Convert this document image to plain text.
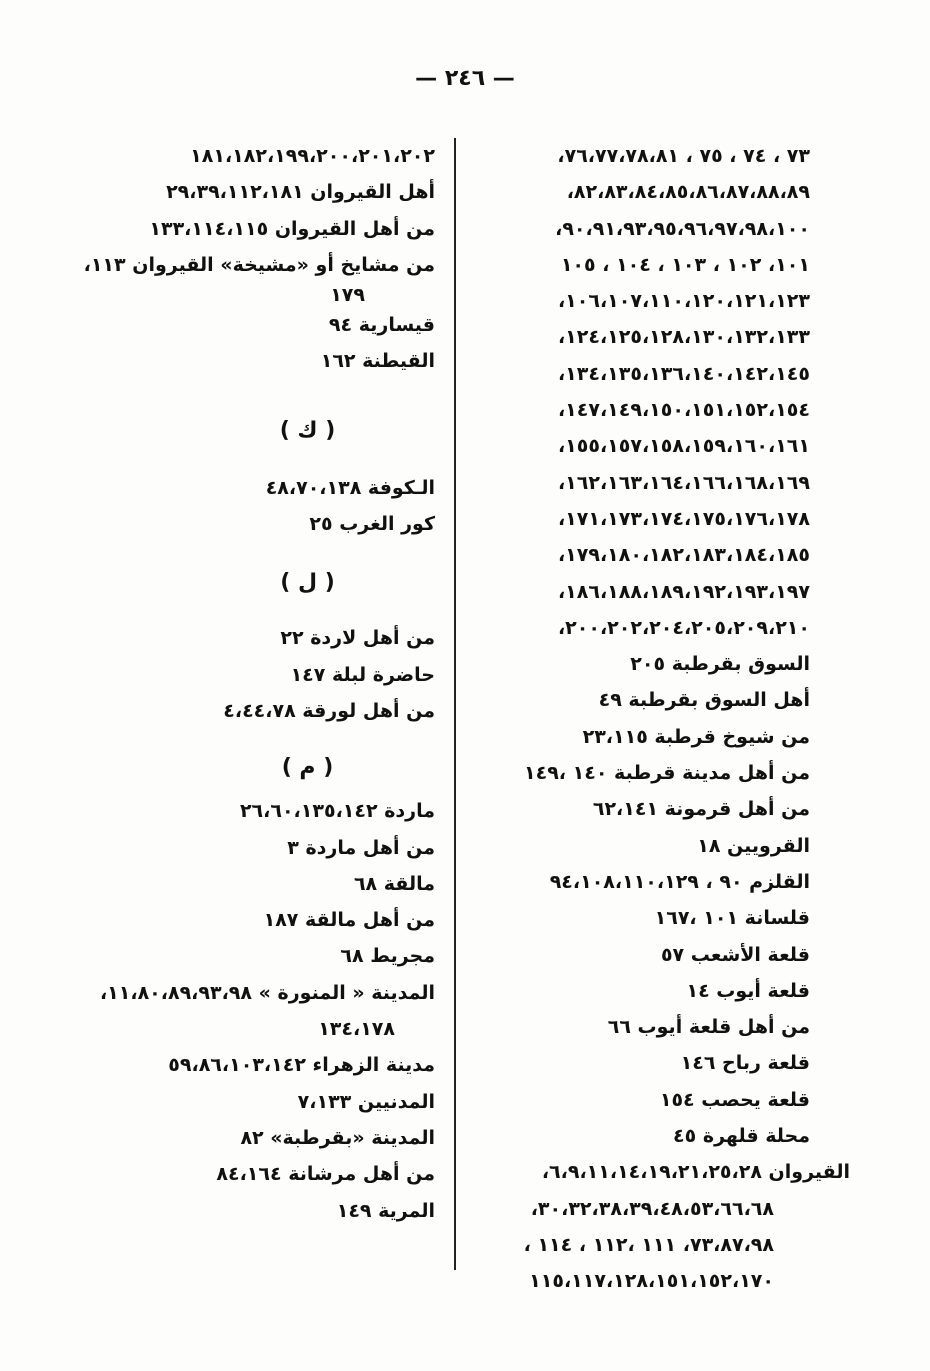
— ٢٤٦ —
٧٣ ، ٧٤ ، ٧٥ ، ٧٦،٧٧،٧٨،٨١،
٨٢،٨٣،٨٤،٨٥،٨٦،٨٧،٨٨،٨٩،
٩٠،٩١،٩٣،٩٥،٩٦،٩٧،٩٨،١٠٠،
١٠١، ١٠٢ ، ١٠٣ ، ١٠٤ ، ١٠٥
١٠٦،١٠٧،١١٠،١٢٠،١٢١،١٢٣،
١٢٤،١٢٥،١٢٨،١٣٠،١٣٢،١٣٣،
١٣٤،١٣٥،١٣٦،١٤٠،١٤٢،١٤٥،
١٤٧،١٤٩،١٥٠،١٥١،١٥٢،١٥٤،
١٥٥،١٥٧،١٥٨،١٥٩،١٦٠،١٦١،
١٦٢،١٦٣،١٦٤،١٦٦،١٦٨،١٦٩،
١٧١،١٧٣،١٧٤،١٧٥،١٧٦،١٧٨،
١٧٩،١٨٠،١٨٢،١٨٣،١٨٤،١٨٥،
١٨٦،١٨٨،١٨٩،١٩٢،١٩٣،١٩٧،
٢٠٠،٢٠٢،٢٠٤،٢٠٥،٢٠٩،٢١٠،
السوق بقرطبة ٢٠٥
أهل السوق بقرطبة ٤٩
من شيوخ قرطبة ٢٣،١١٥
من أهل مدينة قرطبة ١٤٠ ،١٤٩
من أهل قرمونة ٦٢،١٤١
القرويين ١٨
القلزم ٩٠ ، ٩٤،١٠٨،١١٠،١٢٩
قلسانة ١٠١ ،١٦٧
قلعة الأشعب ٥٧
قلعة أيوب ١٤
من أهل قلعة أيوب ٦٦
قلعة رباح ١٤٦
قلعة يحصب ١٥٤
محلة قلهرة ٤٥
القيروان ٦،٩،١١،١٤،١٩،٢١،٢٥،٢٨،
٣٠،٣٢،٣٨،٣٩،٤٨،٥٣،٦٦،٦٨،
٧٣،٨٧،٩٨، ١١١ ،١١٢ ، ١١٤ ،
١١٥،١١٧،١٢٨،١٥١،١٥٢،١٧٠
١٨١،١٨٢،١٩٩،٢٠٠،٢٠١،٢٠٢
أهل القيروان ٢٩،٣٩،١١٢،١٨١
من أهل القيروان ١٣٣،١١٤،١١٥
من مشايخ أو «مشيخة» القيروان ١١٣،
١٧٩
قيسارية ٩٤
القيطنة ١٦٢
( ك )
الـكوفة ٤٨،٧٠،١٣٨
كور الغرب ٢٥
( ل )
من أهل لاردة ٢٢
حاضرة لبلة ١٤٧
من أهل لورقة ٤،٤٤،٧٨
( م )
ماردة ٢٦،٦٠،١٣٥،١٤٢
من أهل ماردة ٣
مالقة ٦٨
من أهل مالقة ١٨٧
مجريط ٦٨
المدينة « المنورة » ١١،٨٠،٨٩،٩٣،٩٨،
١٣٤،١٧٨
مدينة الزهراء ٥٩،٨٦،١٠٣،١٤٢
المدنيين ٧،١٣٣
المدينة «بقرطبة» ٨٢
من أهل مرشانة ٨٤،١٦٤
المرية ١٤٩
